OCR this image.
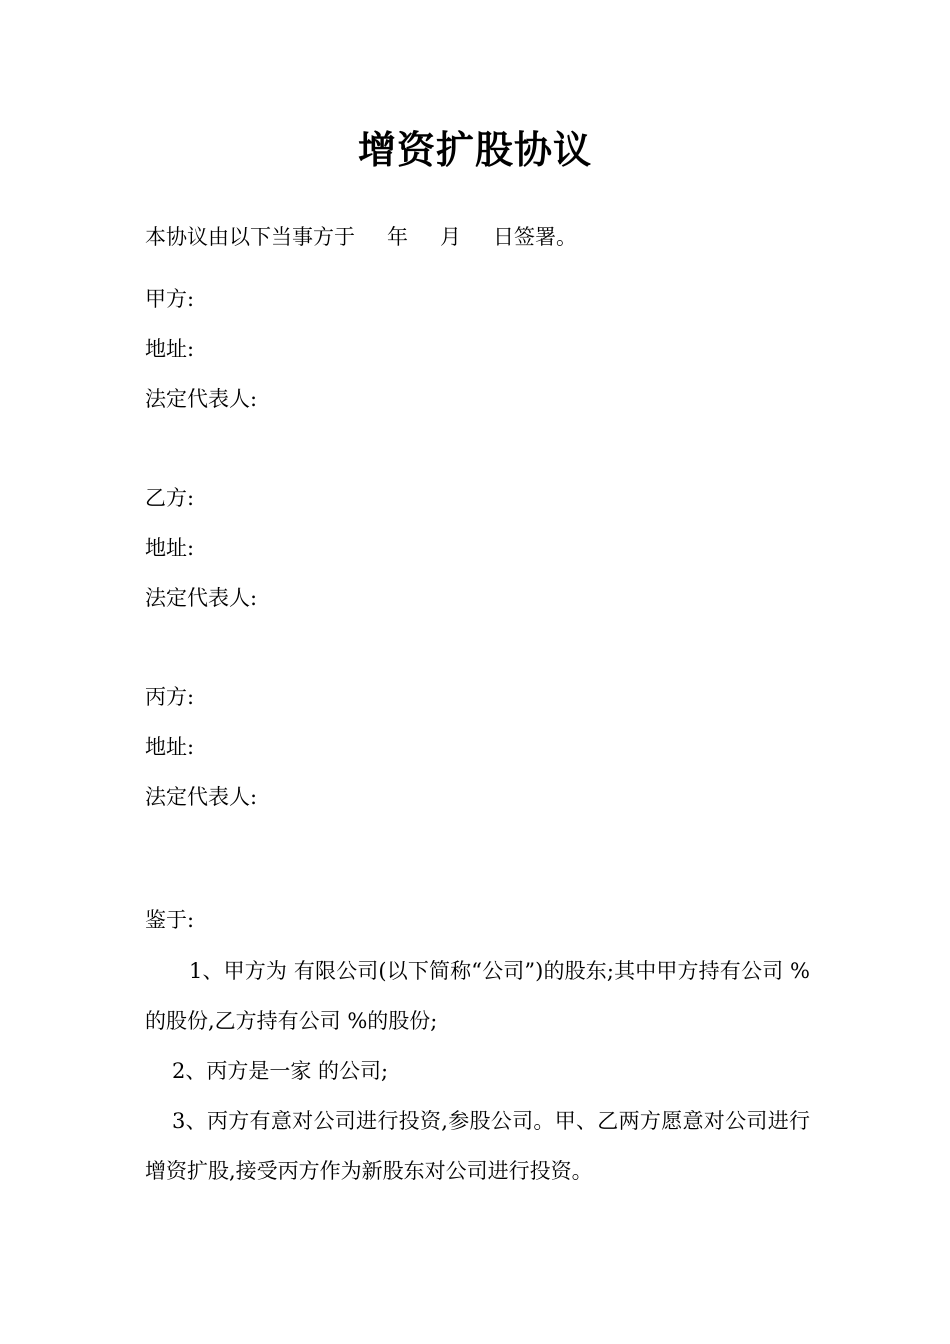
增资扩股协议
本协议由以下当事方于 年 月 日签署。
甲方:
地址:
法定代表人:
乙方:
地址:
法定代表人:
丙方:
地址:
法定代表人:
鉴于:
1、甲方为 有限公司(以下简称“公司”)的股东;其中甲方持有公司 %的股份,乙方持有公司 %的股份;
2、丙方是一家 的公司;
3、丙方有意对公司进行投资,参股公司。甲、乙两方愿意对公司进行增资扩股,接受丙方作为新股东对公司进行投资。
